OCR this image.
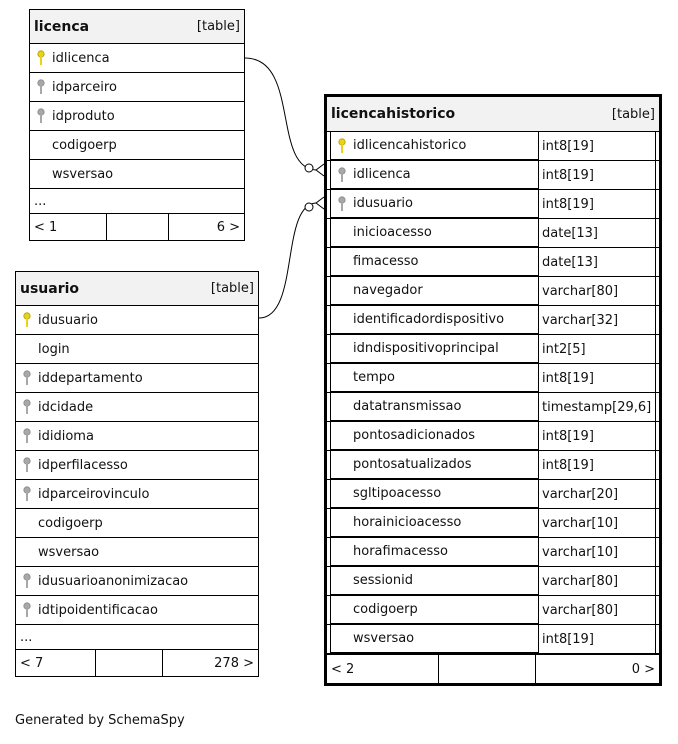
licenca	[table]
idlicenca
idparceiro
idproduto
codigoerp
wsversao
...
< 1	6 >
usuario	[table]
idusuario
login
iddepartamento
idcidade
ididioma
idperfilacesso
idparceirovinculo
codigoerp
wsversao
idusuarioanonimizacao
idtipoidentificacao
...
< 7	278 >
licencahistorico	[table]
idlicencahistorico	int8[19]
idlicenca	int8[19]
idusuario	int8[19]
inicioacesso	date[13]
fimacesso	date[13]
navegador	varchar[80]
identificadordispositivo	varchar[32]
idndispositivoprincipal	int2[5]
tempo	int8[19]
datatransmissao	timestamp[29,6]
pontosadicionados	int8[19]
pontosatualizados	int8[19]
sgltipoacesso	varchar[20]
horainicioacesso	varchar[10]
horafimacesso	varchar[10]
sessionid	varchar[80]
codigoerp	varchar[80]
wsversao	int8[19]
< 2	0 >
Generated by SchemaSpy
